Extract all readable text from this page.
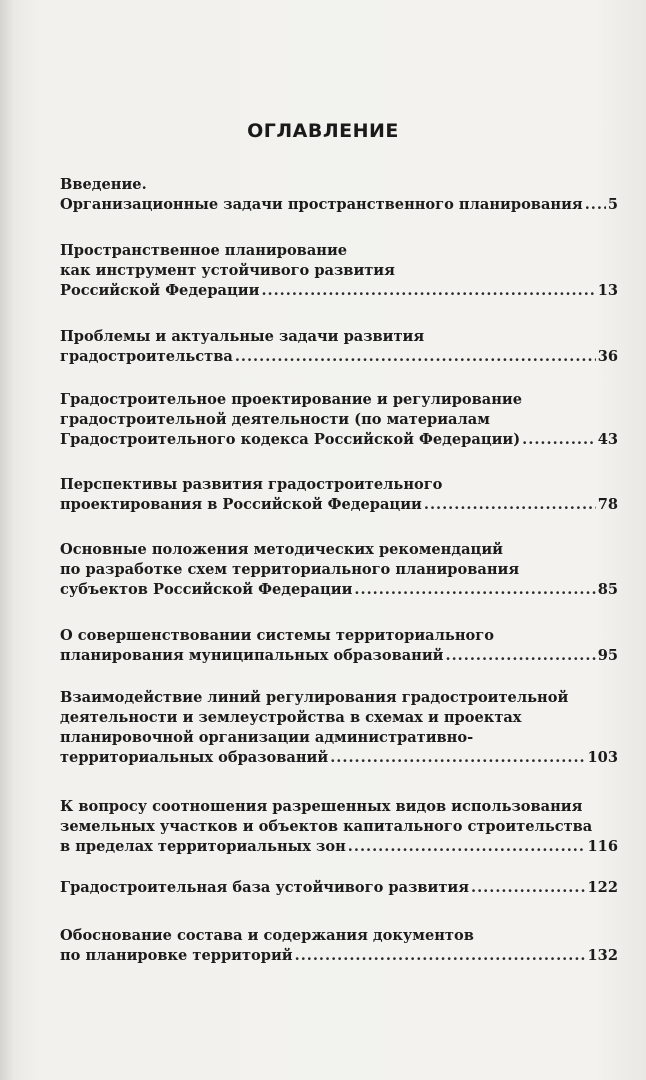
ОГЛАВЛЕНИЕ
Введение.
Организационные задачи пространственного планирования ..... 5
Пространственное планирование
как инструмент устойчивого развития
Российской Федерации .....	13
Проблемы и актуальные задачи развития
градостроительства .....	36
Градостроительное проектирование и регулирование
градостроительной деятельности (по материалам
Градостроительного кодекса Российской Федерации) .....	43
Перспективы развития градостроительного
проектирования в Российской Федерации .....	78
Основные положения методических рекомендаций
по разработке схем территориального планирования
субъектов Российской Федерации .....	85
О совершенствовании системы территориального
планирования муниципальных образований .....	95
Взаимодействие линий регулирования градостроительной
деятельности и землеустройства в схемах и проектах
планировочной организации административно-
территориальных образований .....	103
К вопросу соотношения разрешенных видов использования
земельных участков и объектов капитального строительства
в пределах территориальных зон .....	116
Градостроительная база устойчивого развития .....	122
Обоснование состава и содержания документов
по планировке территорий .....	132
